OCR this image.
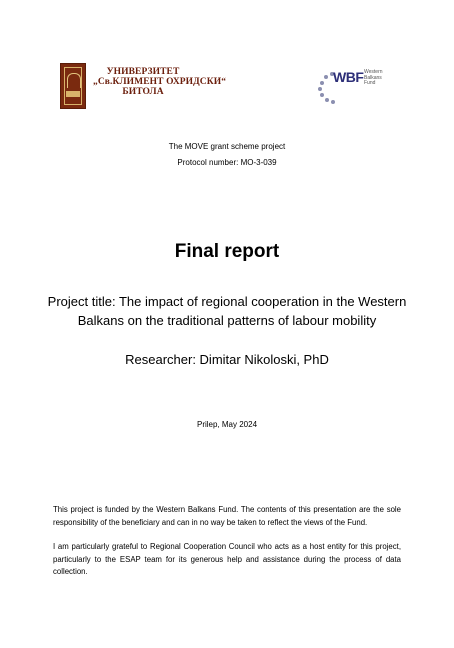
УНИВЕРЗИТЕТ
„Св.КЛИМЕНТ ОХРИДСКИ“
БИТОЛА
WBF Western
Balkans
Fund
The MOVE grant scheme project
Protocol number: MO-3-039
Final report
Project title: The impact of regional cooperation in the Western
Balkans on the traditional patterns of labour mobility
Researcher: Dimitar Nikoloski, PhD
Prilep, May 2024
This project is funded by the Western Balkans Fund. The contents of this presentation are the sole responsibility of the beneficiary and can in no way be taken to reflect the views of the Fund.
I am particularly grateful to Regional Cooperation Council who acts as a host entity for this project, particularly to the ESAP team for its generous help and assistance during the process of data collection.
